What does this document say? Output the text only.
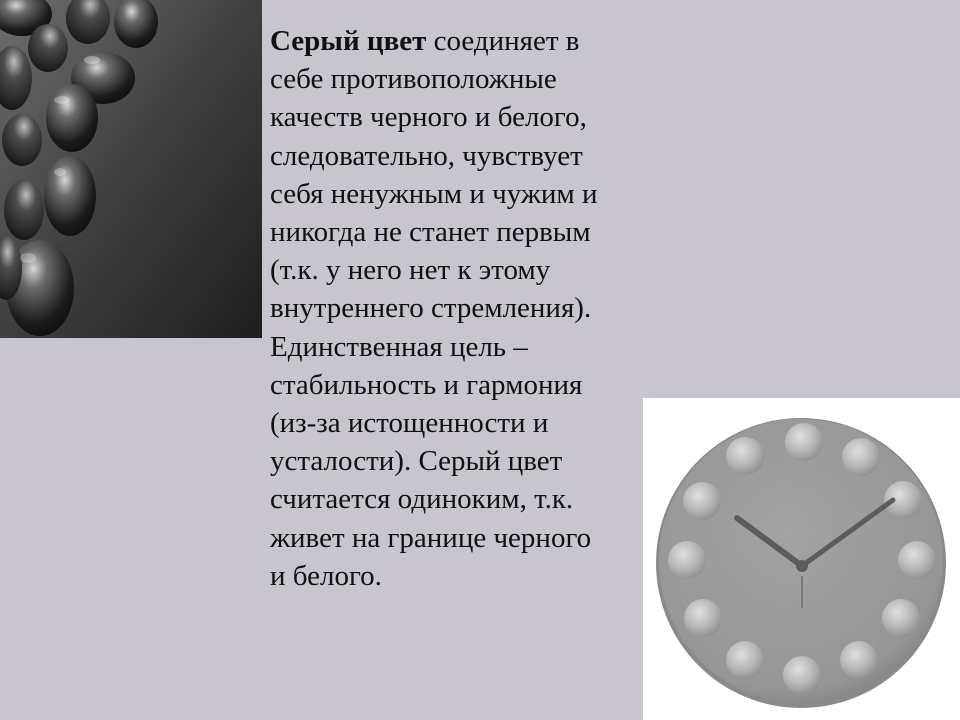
Серый цвет соединяет в
себе противоположные
качеств черного и белого,
следовательно, чувствует
себя ненужным и чужим и
никогда не станет первым
(т.к. у него нет к этому
внутреннего стремления).
Единственная цель –
стабильность и гармония
(из-за истощенности и
усталости). Серый цвет
считается одиноким, т.к.
живет на границе черного
и белого.
